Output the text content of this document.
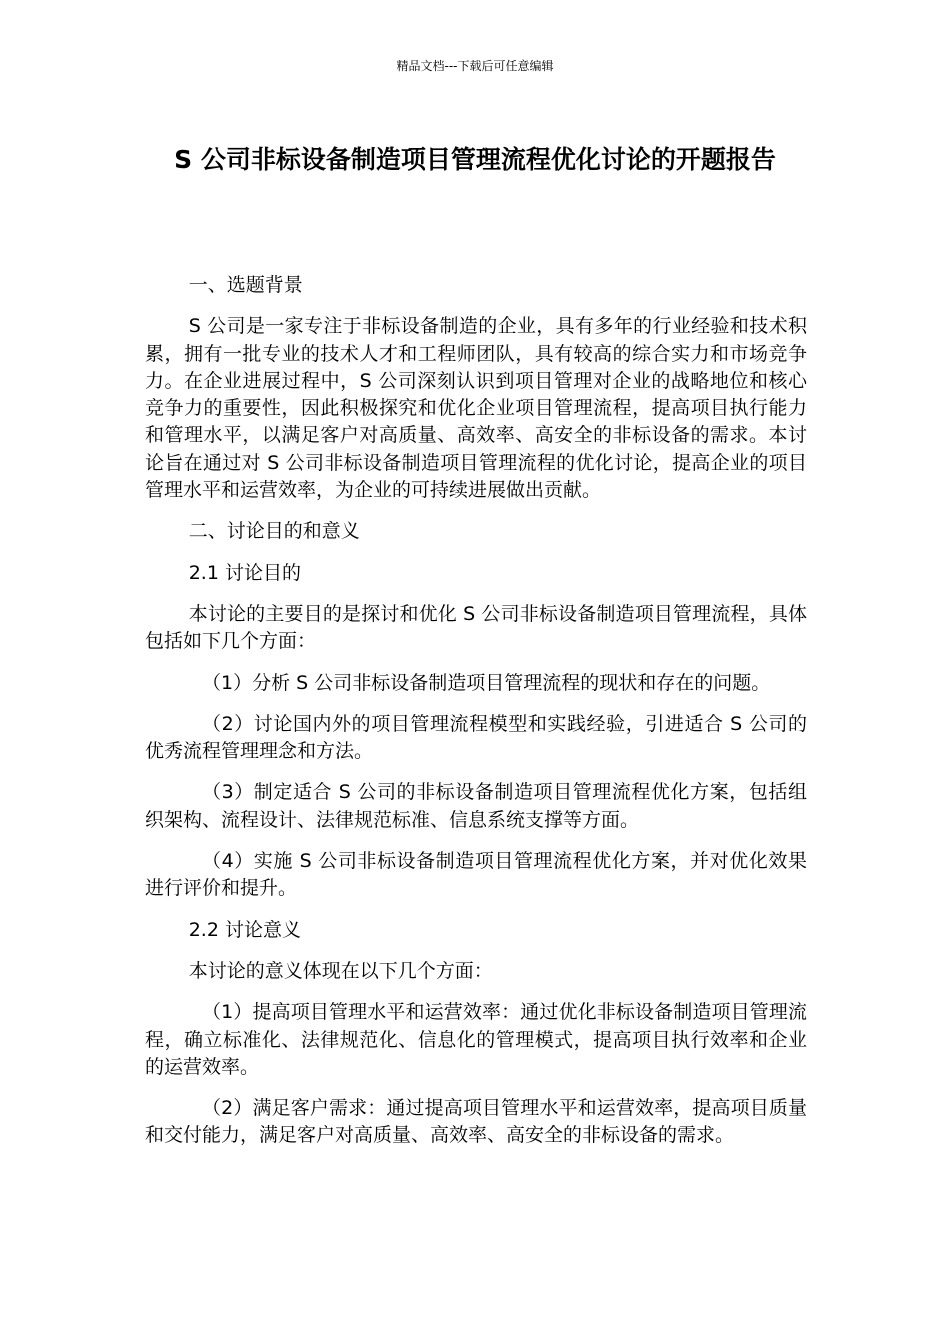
精品文档---下载后可任意编辑
S 公司非标设备制造项目管理流程优化讨论的开题报告

一、选题背景

S 公司是一家专注于非标设备制造的企业，具有多年的行业经验和技术积累，拥有一批专业的技术人才和工程师团队，具有较高的综合实力和市场竞争力。在企业进展过程中，S 公司深刻认识到项目管理对企业的战略地位和核心竞争力的重要性，因此积极探究和优化企业项目管理流程，提高项目执行能力和管理水平，以满足客户对高质量、高效率、高安全的非标设备的需求。本讨论旨在通过对 S 公司非标设备制造项目管理流程的优化讨论，提高企业的项目管理水平和运营效率，为企业的可持续进展做出贡献。

二、讨论目的和意义

2.1 讨论目的

本讨论的主要目的是探讨和优化 S 公司非标设备制造项目管理流程，具体包括如下几个方面：

（1）分析 S 公司非标设备制造项目管理流程的现状和存在的问题。

（2）讨论国内外的项目管理流程模型和实践经验，引进适合 S 公司的优秀流程管理理念和方法。

（3）制定适合 S 公司的非标设备制造项目管理流程优化方案，包括组织架构、流程设计、法律规范标准、信息系统支撑等方面。

（4）实施 S 公司非标设备制造项目管理流程优化方案，并对优化效果进行评价和提升。

2.2 讨论意义

本讨论的意义体现在以下几个方面：

（1）提高项目管理水平和运营效率：通过优化非标设备制造项目管理流程，确立标准化、法律规范化、信息化的管理模式，提高项目执行效率和企业的运营效率。

（2）满足客户需求：通过提高项目管理水平和运营效率，提高项目质量和交付能力，满足客户对高质量、高效率、高安全的非标设备的需求。
